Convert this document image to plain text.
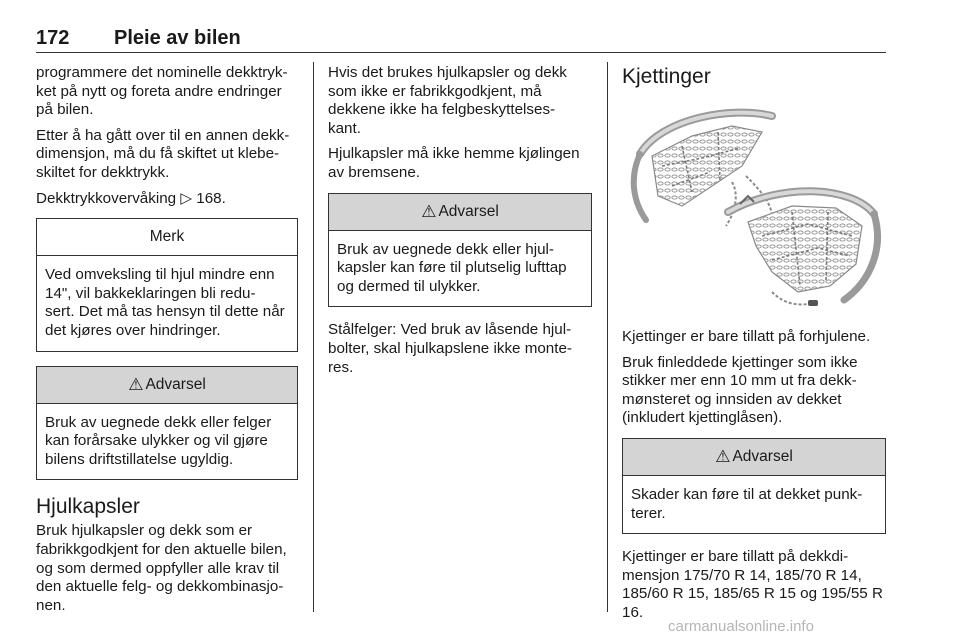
172 Pleie av bilen

programmere det nominelle dekktryk- ket på nytt og foreta andre endringer på bilen.

Etter å ha gått over til en annen dekk- dimensjon, må du få skiftet ut klebe- skiltet for dekktrykk.

Dekktrykkovervåking ▷ 168.

Merk

Ved omveksling til hjul mindre enn 14", vil bakkeklaringen bli redu- sert. Det må tas hensyn til dette når det kjøres over hindringer.

⚠ Advarsel

Bruk av uegnede dekk eller felger kan forårsake ulykker og vil gjøre bilens driftstillatelse ugyldig.

Hjulkapsler

Bruk hjulkapsler og dekk som er fabrikkgodkjent for den aktuelle bilen, og som dermed oppfyller alle krav til den aktuelle felg- og dekkombinasjo- nen.

Hvis det brukes hjulkapsler og dekk som ikke er fabrikkgodkjent, må dekkene ikke ha felgbeskyttelses- kant.

Hjulkapsler må ikke hemme kjølingen av bremsene.

⚠ Advarsel

Bruk av uegnede dekk eller hjul- kapsler kan føre til plutselig lufttap og dermed til ulykker.

Stålfelger: Ved bruk av låsende hjul- bolter, skal hjulkapslene ikke monte- res.

Kjettinger

Kjettinger er bare tillatt på forhjulene.

Bruk finleddede kjettinger som ikke stikker mer enn 10 mm ut fra dekk- mønsteret og innsiden av dekket (inkludert kjettinglåsen).

⚠ Advarsel

Skader kan føre til at dekket punk- terer.

Kjettinger er bare tillatt på dekkdi- mensjon 175/70 R 14, 185/70 R 14, 185/60 R 15, 185/65 R 15 og 195/55 R 16.

carmanualsonline.info
